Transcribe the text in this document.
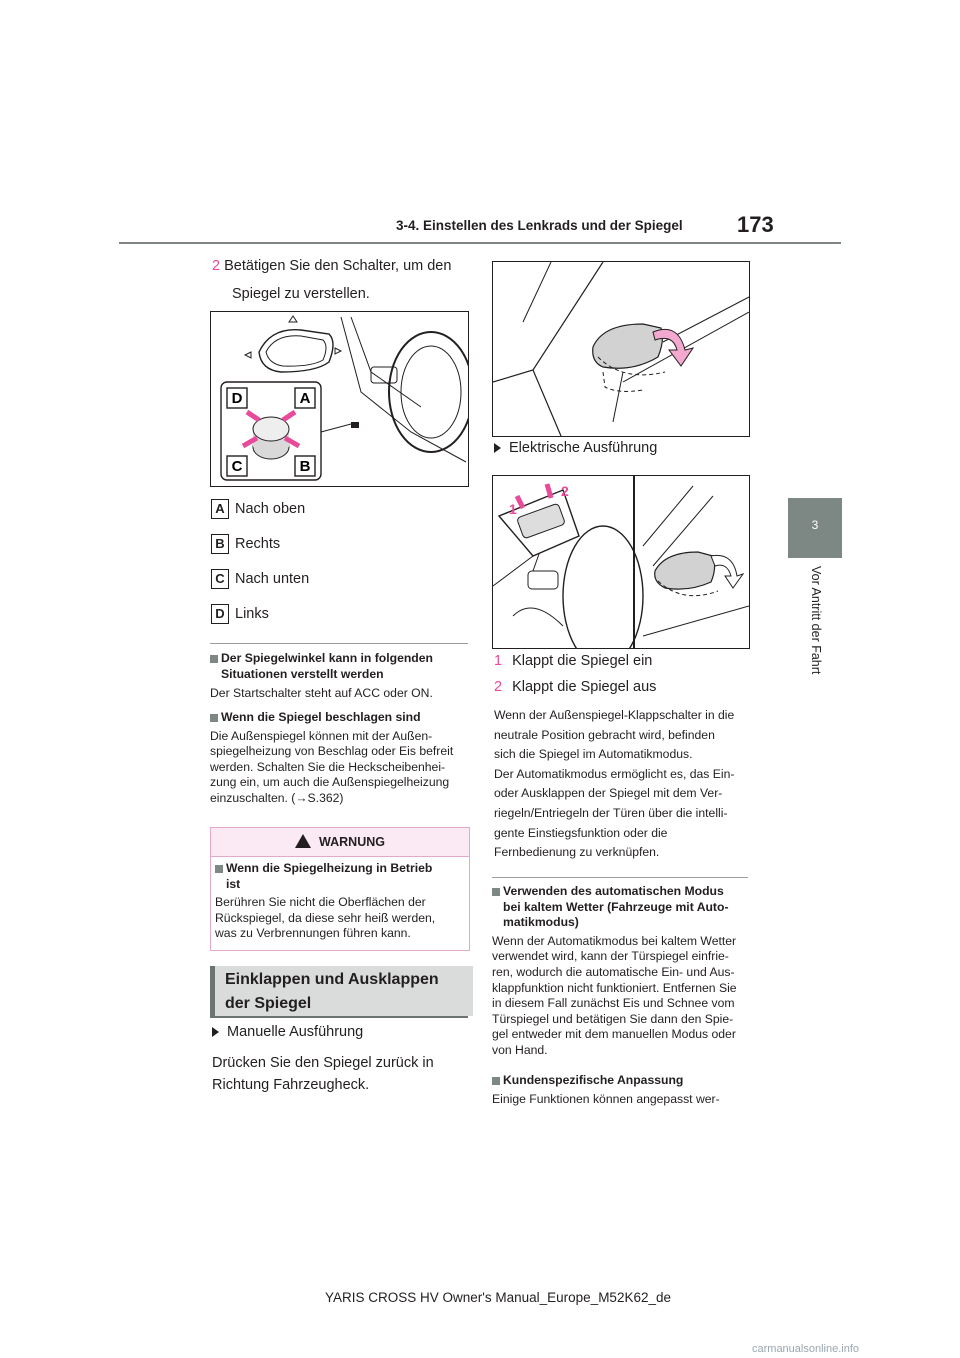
3-4. Einstellen des Lenkrads und der Spiegel 173
3
Vor Antritt der Fahrt
2 Betätigen Sie den Schalter, um den
Spiegel zu verstellen.
D	A
C	B
A Nach oben
B Rechts
C Nach unten
D Links
Der Spiegelwinkel kann in folgenden
Situationen verstellt werden
Der Startschalter steht auf ACC oder ON.
Wenn die Spiegel beschlagen sind
Die Außenspiegel können mit der Außen-
spiegelheizung von Beschlag oder Eis befreit
werden. Schalten Sie die Heckscheibenhei-
zung ein, um auch die Außenspiegelheizung
einzuschalten. (→S.362)
WARNUNG
Wenn die Spiegelheizung in Betrieb
ist
Berühren Sie nicht die Oberflächen der
Rückspiegel, da diese sehr heiß werden,
was zu Verbrennungen führen kann.
Einklappen und Ausklappen
der Spiegel
Manuelle Ausführung
Drücken Sie den Spiegel zurück in
Richtung Fahrzeugheck.
Elektrische Ausführung
1
2
1 Klappt die Spiegel ein
2 Klappt die Spiegel aus
Wenn der Außenspiegel-Klappschalter in die
neutrale Position gebracht wird, befinden
sich die Spiegel im Automatikmodus.
Der Automatikmodus ermöglicht es, das Ein-
oder Ausklappen der Spiegel mit dem Ver-
riegeln/Entriegeln der Türen über die intelli-
gente Einstiegsfunktion oder die
Fernbedienung zu verknüpfen.
Verwenden des automatischen Modus
bei kaltem Wetter (Fahrzeuge mit Auto-
matikmodus)
Wenn der Automatikmodus bei kaltem Wetter
verwendet wird, kann der Türspiegel einfrie-
ren, wodurch die automatische Ein- und Aus-
klappfunktion nicht funktioniert. Entfernen Sie
in diesem Fall zunächst Eis und Schnee vom
Türspiegel und betätigen Sie dann den Spie-
gel entweder mit dem manuellen Modus oder
von Hand.
Kundenspezifische Anpassung
Einige Funktionen können angepasst wer-
YARIS CROSS HV Owner's Manual_Europe_M52K62_de
carmanualsonline.info
